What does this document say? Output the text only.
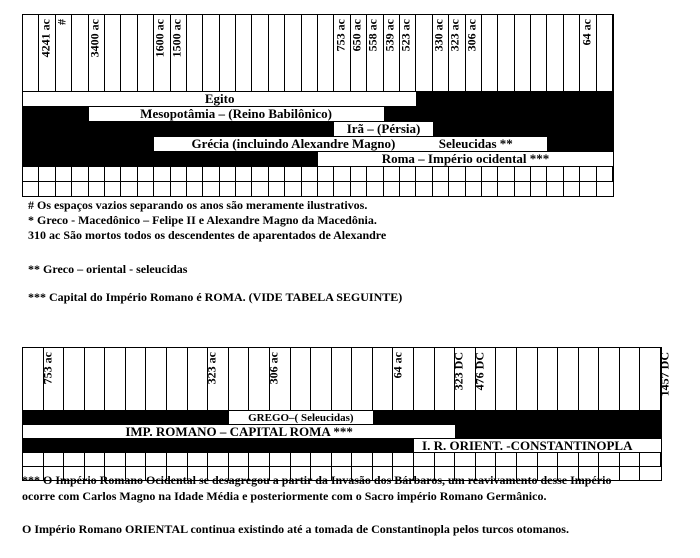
Egito
Mesopotâmia – (Reino Babilônico)
Irã – (Pérsia)
Grécia (incluindo Alexandre Magno)	Seleucidas **
Roma – Império ocidental ***
4241 ac # 3400 ac	1600 ac 1500 ac	753 ac 650 ac 558 ac 539 ac 523 ac 330 ac 323 ac 306 ac	64 ac
# Os espaços vazios separando os anos são meramente ilustrativos.
* Greco - Macedônico – Felipe II e Alexandre Magno da Macedônia.
310 ac São mortos todos os descendentes de aparentados de Alexandre
** Greco – oriental - seleucidas
*** Capital do Império Romano é ROMA. (VIDE TABELA SEGUINTE)
GREGO–( Seleucidas)
IMP. ROMANO – CAPITAL ROMA ***
I. R. ORIENT. -CONSTANTINOPLA
753 ac	323 ac	306 ac	64 ac	323 DC 476 DC	1457 DC
*** O Império Romano Ocidental se desagregou a partir da Invasão dos Bárbaros, um reavivamento desse Império
ocorre com Carlos Magno na Idade Média e posteriormente com o Sacro império Romano Germânico.
O Império Romano ORIENTAL continua existindo até a tomada de Constantinopla pelos turcos otomanos.
